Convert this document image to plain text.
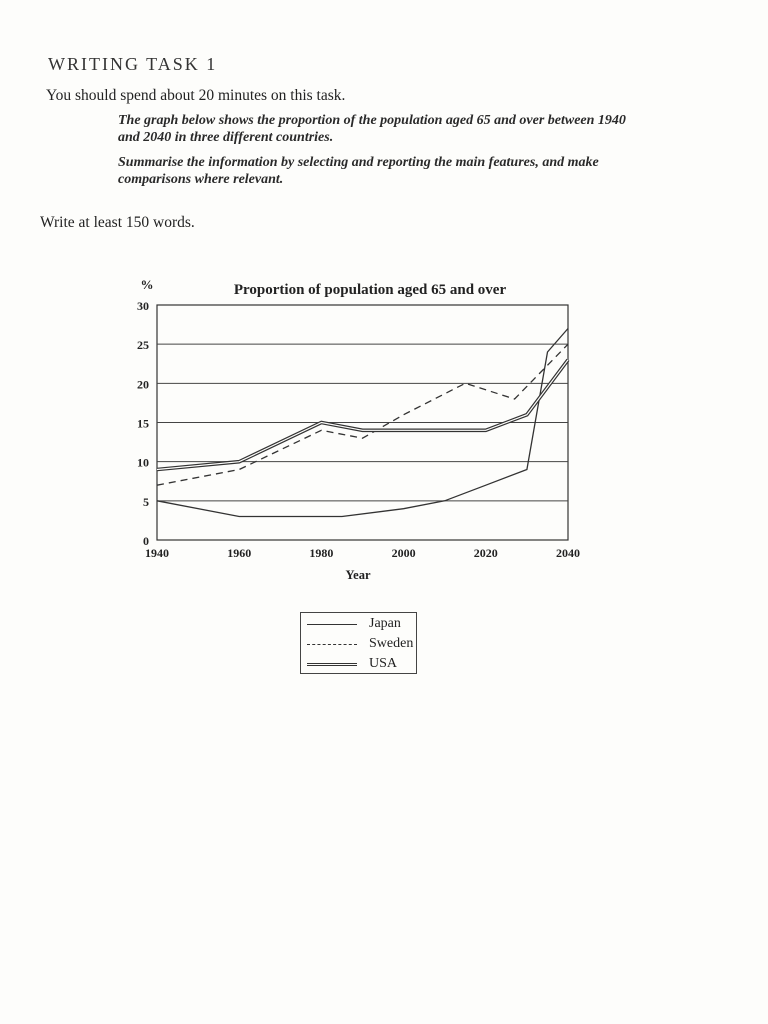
WRITING TASK 1
You should spend about 20 minutes on this task.

The graph below shows the proportion of the population aged 65 and over between 1940 and 2040 in three different countries.

Summarise the information by selecting and reporting the main features, and make comparisons where relevant.

Write at least 150 words.
0
5
10
15
20
25
30
1940	1960	1980	2000	2020	2040
%
Year
Proportion of population aged 65 and over
Japan
Sweden
USA
